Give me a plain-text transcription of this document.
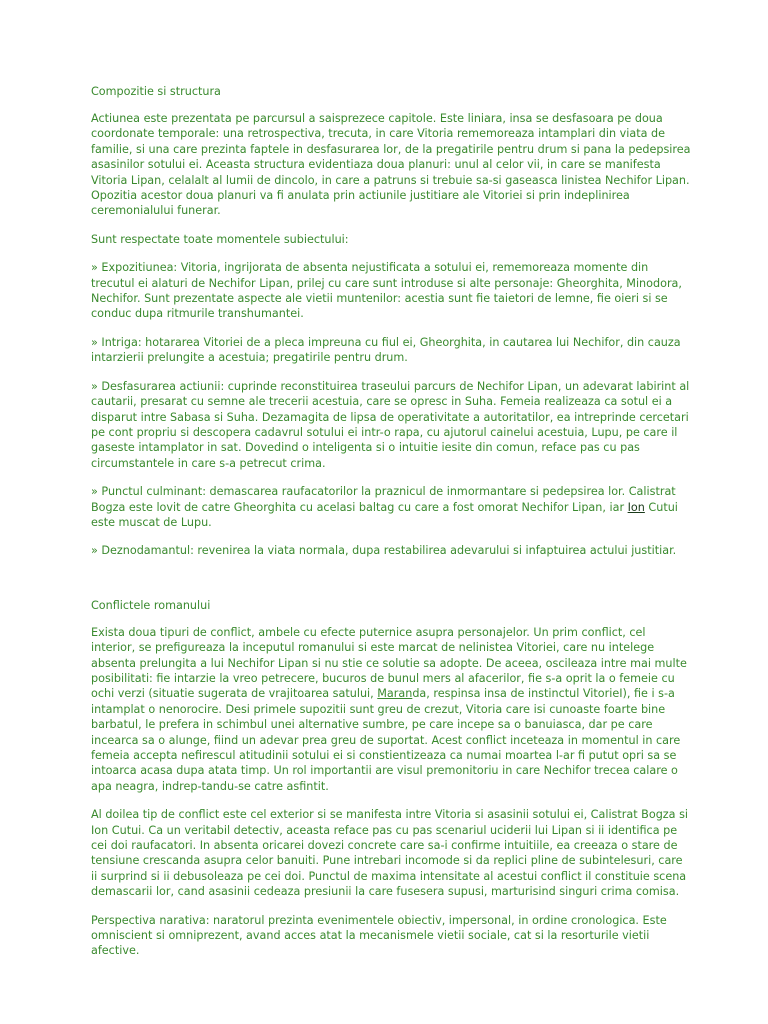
Compozitie si structura

Actiunea este prezentata pe parcursul a saisprezece capitole. Este liniara, insa se desfasoara pe doua coordonate temporale: una retrospectiva, trecuta, in care Vitoria rememoreaza intamplari din viata de familie, si una care prezinta faptele in desfasurarea lor, de la pregatirile pentru drum si pana la pedepsirea asasinilor sotului ei. Aceasta structura evidentiaza doua planuri: unul al celor vii, in care se manifesta Vitoria Lipan, celalalt al lumii de dincolo, in care a patruns si trebuie sa-si gaseasca linistea Nechifor Lipan. Opozitia acestor doua planuri va fi anulata prin actiunile justitiare ale Vitoriei si prin indeplinirea ceremonialului funerar.

Sunt respectate toate momentele subiectului:

» Expozitiunea: Vitoria, ingrijorata de absenta nejustificata a sotului ei, rememoreaza momente din trecutul ei alaturi de Nechifor Lipan, prilej cu care sunt introduse si alte personaje: Gheorghita, Minodora, Nechifor. Sunt prezentate aspecte ale vietii muntenilor: acestia sunt fie taietori de lemne, fie oieri si se conduc dupa ritmurile transhumantei.

» Intriga: hotararea Vitoriei de a pleca impreuna cu fiul ei, Gheorghita, in cautarea lui Nechifor, din cauza intarzierii prelungite a acestuia; pregatirile pentru drum.

» Desfasurarea actiunii: cuprinde reconstituirea traseului parcurs de Nechifor Lipan, un adevarat labirint al cautarii, presarat cu semne ale trecerii acestuia, care se opresc in Suha. Femeia realizeaza ca sotul ei a disparut intre Sabasa si Suha. Dezamagita de lipsa de operativitate a autoritatilor, ea intreprinde cercetari pe cont propriu si descopera cadavrul sotului ei intr-o rapa, cu ajutorul cainelui acestuia, Lupu, pe care il gaseste intamplator in sat. Dovedind o inteligenta si o intuitie iesite din comun, reface pas cu pas circumstantele in care s-a petrecut crima.

» Punctul culminant: demascarea raufacatorilor la praznicul de inmormantare si pedepsirea lor. Calistrat Bogza este lovit de catre Gheorghita cu acelasi baltag cu care a fost omorat Nechifor Lipan, iar Ion Cutui este muscat de Lupu.

» Deznodamantul: revenirea la viata normala, dupa restabilirea adevarului si infaptuirea actului justitiar.

Conflictele romanului

Exista doua tipuri de conflict, ambele cu efecte puternice asupra personajelor. Un prim conflict, cel interior, se prefigureaza la inceputul romanului si este marcat de nelinistea Vitoriei, care nu intelege absenta prelungita a lui Nechifor Lipan si nu stie ce solutie sa adopte. De aceea, oscileaza intre mai multe posibilitati: fie intarzie la vreo petrecere, bucuros de bunul mers al afacerilor, fie s-a oprit la o femeie cu ochi verzi (situatie sugerata de vrajitoarea satului, Maranda, respinsa insa de instinctul VitorieI), fie i s-a intamplat o nenorocire. Desi primele supozitii sunt greu de crezut, Vitoria care isi cunoaste foarte bine barbatul, le prefera in schimbul unei alternative sumbre, pe care incepe sa o banuiasca, dar pe care incearca sa o alunge, fiind un adevar prea greu de suportat. Acest conflict inceteaza in momentul in care femeia accepta nefirescul atitudinii sotului ei si constientizeaza ca numai moartea l-ar fi putut opri sa se intoarca acasa dupa atata timp. Un rol importantii are visul premonitoriu in care Nechifor trecea calare o apa neagra, indrep-tandu-se catre asfintit.

Al doilea tip de conflict este cel exterior si se manifesta intre Vitoria si asasinii sotului ei, Calistrat Bogza si Ion Cutui. Ca un veritabil detectiv, aceasta reface pas cu pas scenariul uciderii lui Lipan si ii identifica pe cei doi raufacatori. In absenta oricarei dovezi concrete care sa-i confirme intuitiile, ea creeaza o stare de tensiune crescanda asupra celor banuiti. Pune intrebari incomode si da replici pline de subintelesuri, care ii surprind si ii debusoleaza pe cei doi. Punctul de maxima intensitate al acestui conflict il constituie scena demascarii lor, cand asasinii cedeaza presiunii la care fusesera supusi, marturisind singuri crima comisa.

Perspectiva narativa: naratorul prezinta evenimentele obiectiv, impersonal, in ordine cronologica. Este omniscient si omniprezent, avand acces atat la mecanismele vietii sociale, cat si la resorturile vietii afective.
